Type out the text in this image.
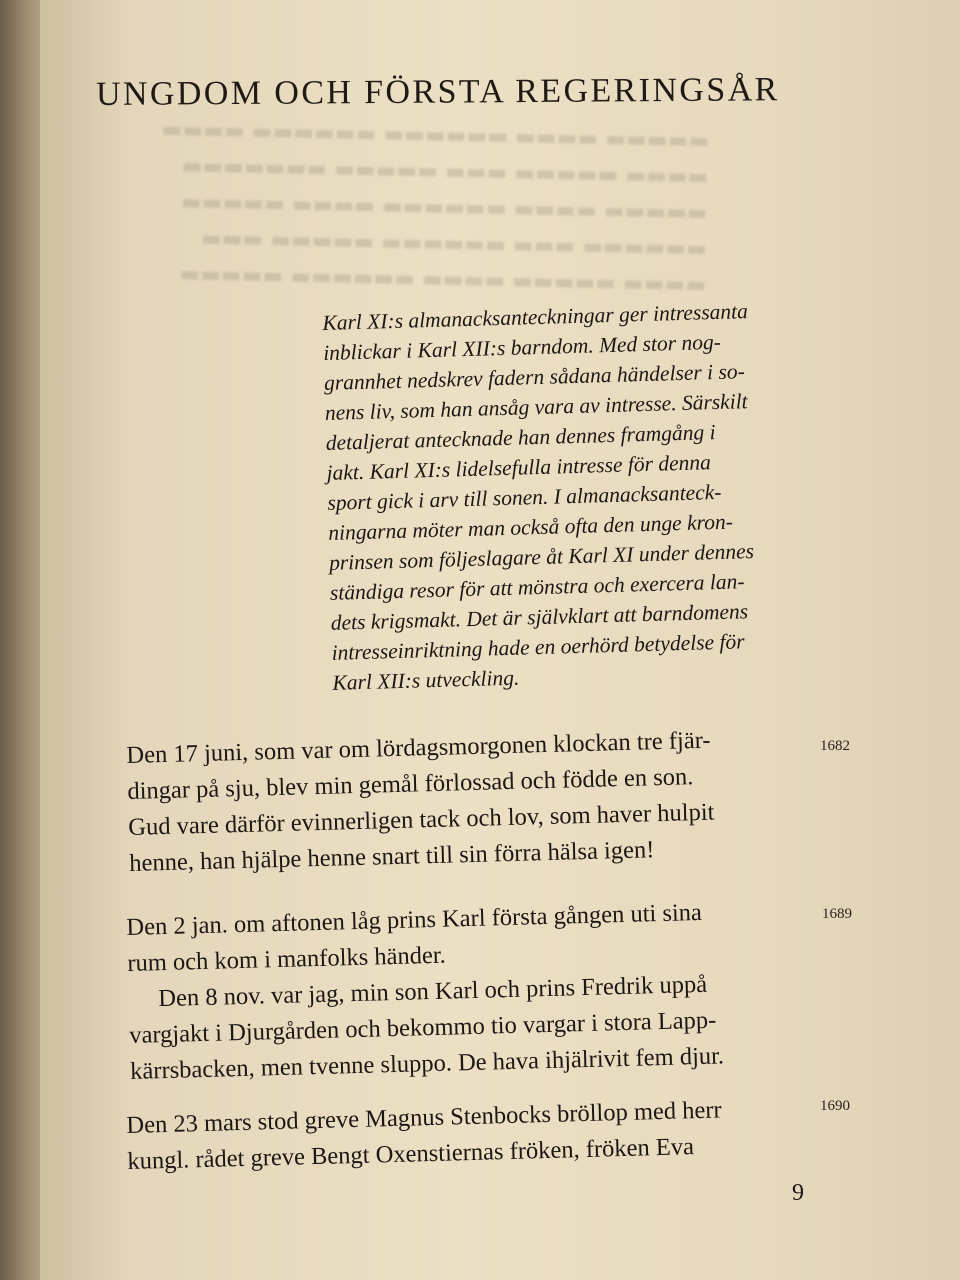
▬▬▬▬▬ ▬▬▬▬ ▬▬▬▬▬▬ ▬▬▬▬▬▬ ▬▬▬▬
▬▬▬▬ ▬▬▬▬▬ ▬▬▬ ▬▬▬▬▬ ▬▬▬▬▬▬▬
▬▬▬▬▬ ▬▬▬▬ ▬▬▬▬▬▬ ▬▬▬▬ ▬▬▬▬▬
▬▬▬▬▬▬ ▬▬▬ ▬▬▬▬▬▬ ▬▬▬▬▬ ▬▬▬
▬▬▬▬ ▬▬▬▬▬ ▬▬▬▬ ▬▬▬▬▬▬ ▬▬▬▬▬
UNGDOM OCH FÖRSTA REGERINGSÅR
Karl XI:s almanacksanteckningar ger intressanta
inblickar i Karl XII:s barndom. Med stor nog-
grannhet nedskrev fadern sådana händelser i so-
nens liv, som han ansåg vara av intresse. Särskilt
detaljerat antecknade han dennes framgång i
jakt. Karl XI:s lidelsefulla intresse för denna
sport gick i arv till sonen. I almanacksanteck-
ningarna möter man också ofta den unge kron-
prinsen som följeslagare åt Karl XI under dennes
ständiga resor för att mönstra och exercera lan-
dets krigsmakt. Det är självklart att barndomens
intresseinriktning hade en oerhörd betydelse för
Karl XII:s utveckling.
Den 17 juni, som var om lördagsmorgonen klockan tre fjär-
dingar på sju, blev min gemål förlossad och födde en son.
Gud vare därför evinnerligen tack och lov, som haver hulpit
henne, han hjälpe henne snart till sin förra hälsa igen!
1682
Den 2 jan. om aftonen låg prins Karl första gången uti sina
rum och kom i manfolks händer.
Den 8 nov. var jag, min son Karl och prins Fredrik uppå
vargjakt i Djurgården och bekommo tio vargar i stora Lapp-
kärrsbacken, men tvenne sluppo. De hava ihjälrivit fem djur.
1689
Den 23 mars stod greve Magnus Stenbocks bröllop med herr
kungl. rådet greve Bengt Oxenstiernas fröken, fröken Eva
1690
9
